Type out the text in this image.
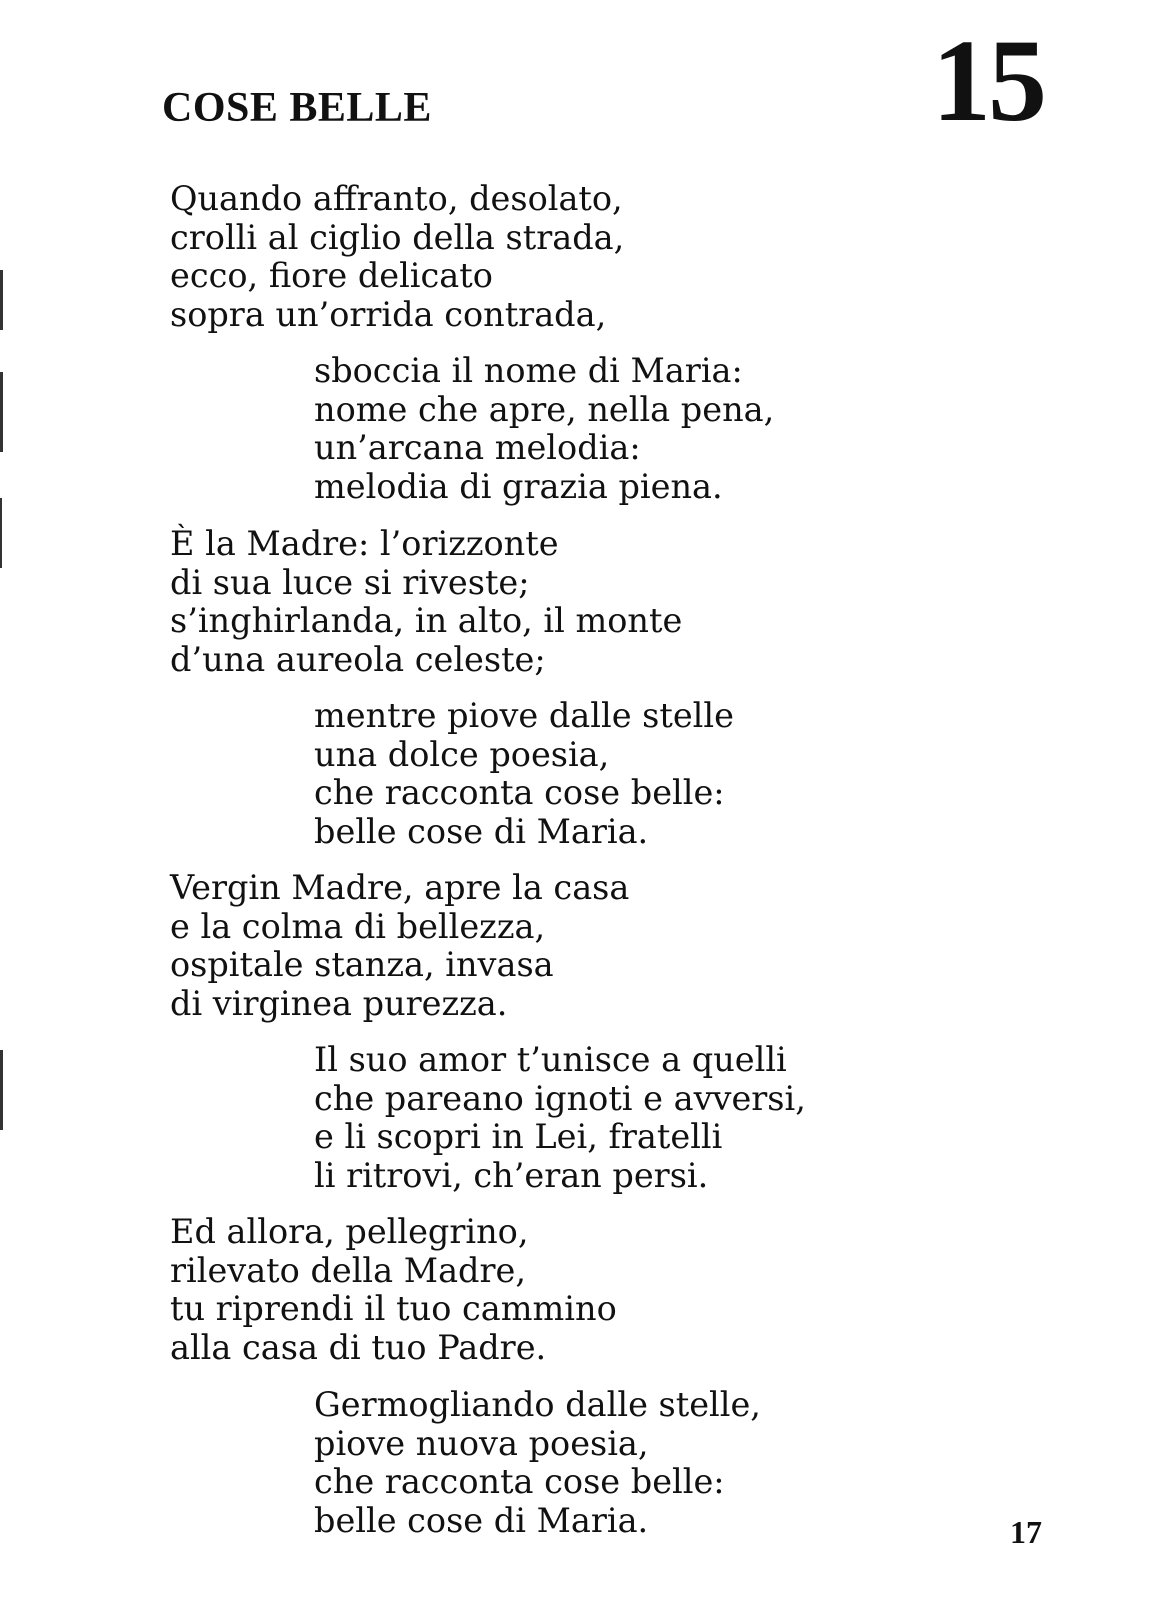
COSE BELLE	15
Quando affranto, desolato,
crolli al ciglio della strada,
ecco, fiore delicato
sopra un’orrida contrada,
sboccia il nome di Maria:
nome che apre, nella pena,
un’arcana melodia:
melodia di grazia piena.
È la Madre: l’orizzonte
di sua luce si riveste;
s’inghirlanda, in alto, il monte
d’una aureola celeste;
mentre piove dalle stelle
una dolce poesia,
che racconta cose belle:
belle cose di Maria.
Vergin Madre, apre la casa
e la colma di bellezza,
ospitale stanza, invasa
di virginea purezza.
Il suo amor t’unisce a quelli
che pareano ignoti e avversi,
e li scopri in Lei, fratelli
li ritrovi, ch’eran persi.
Ed allora, pellegrino,
rilevato della Madre,
tu riprendi il tuo cammino
alla casa di tuo Padre.
Germogliando dalle stelle,
piove nuova poesia,
che racconta cose belle:
belle cose di Maria.	17
